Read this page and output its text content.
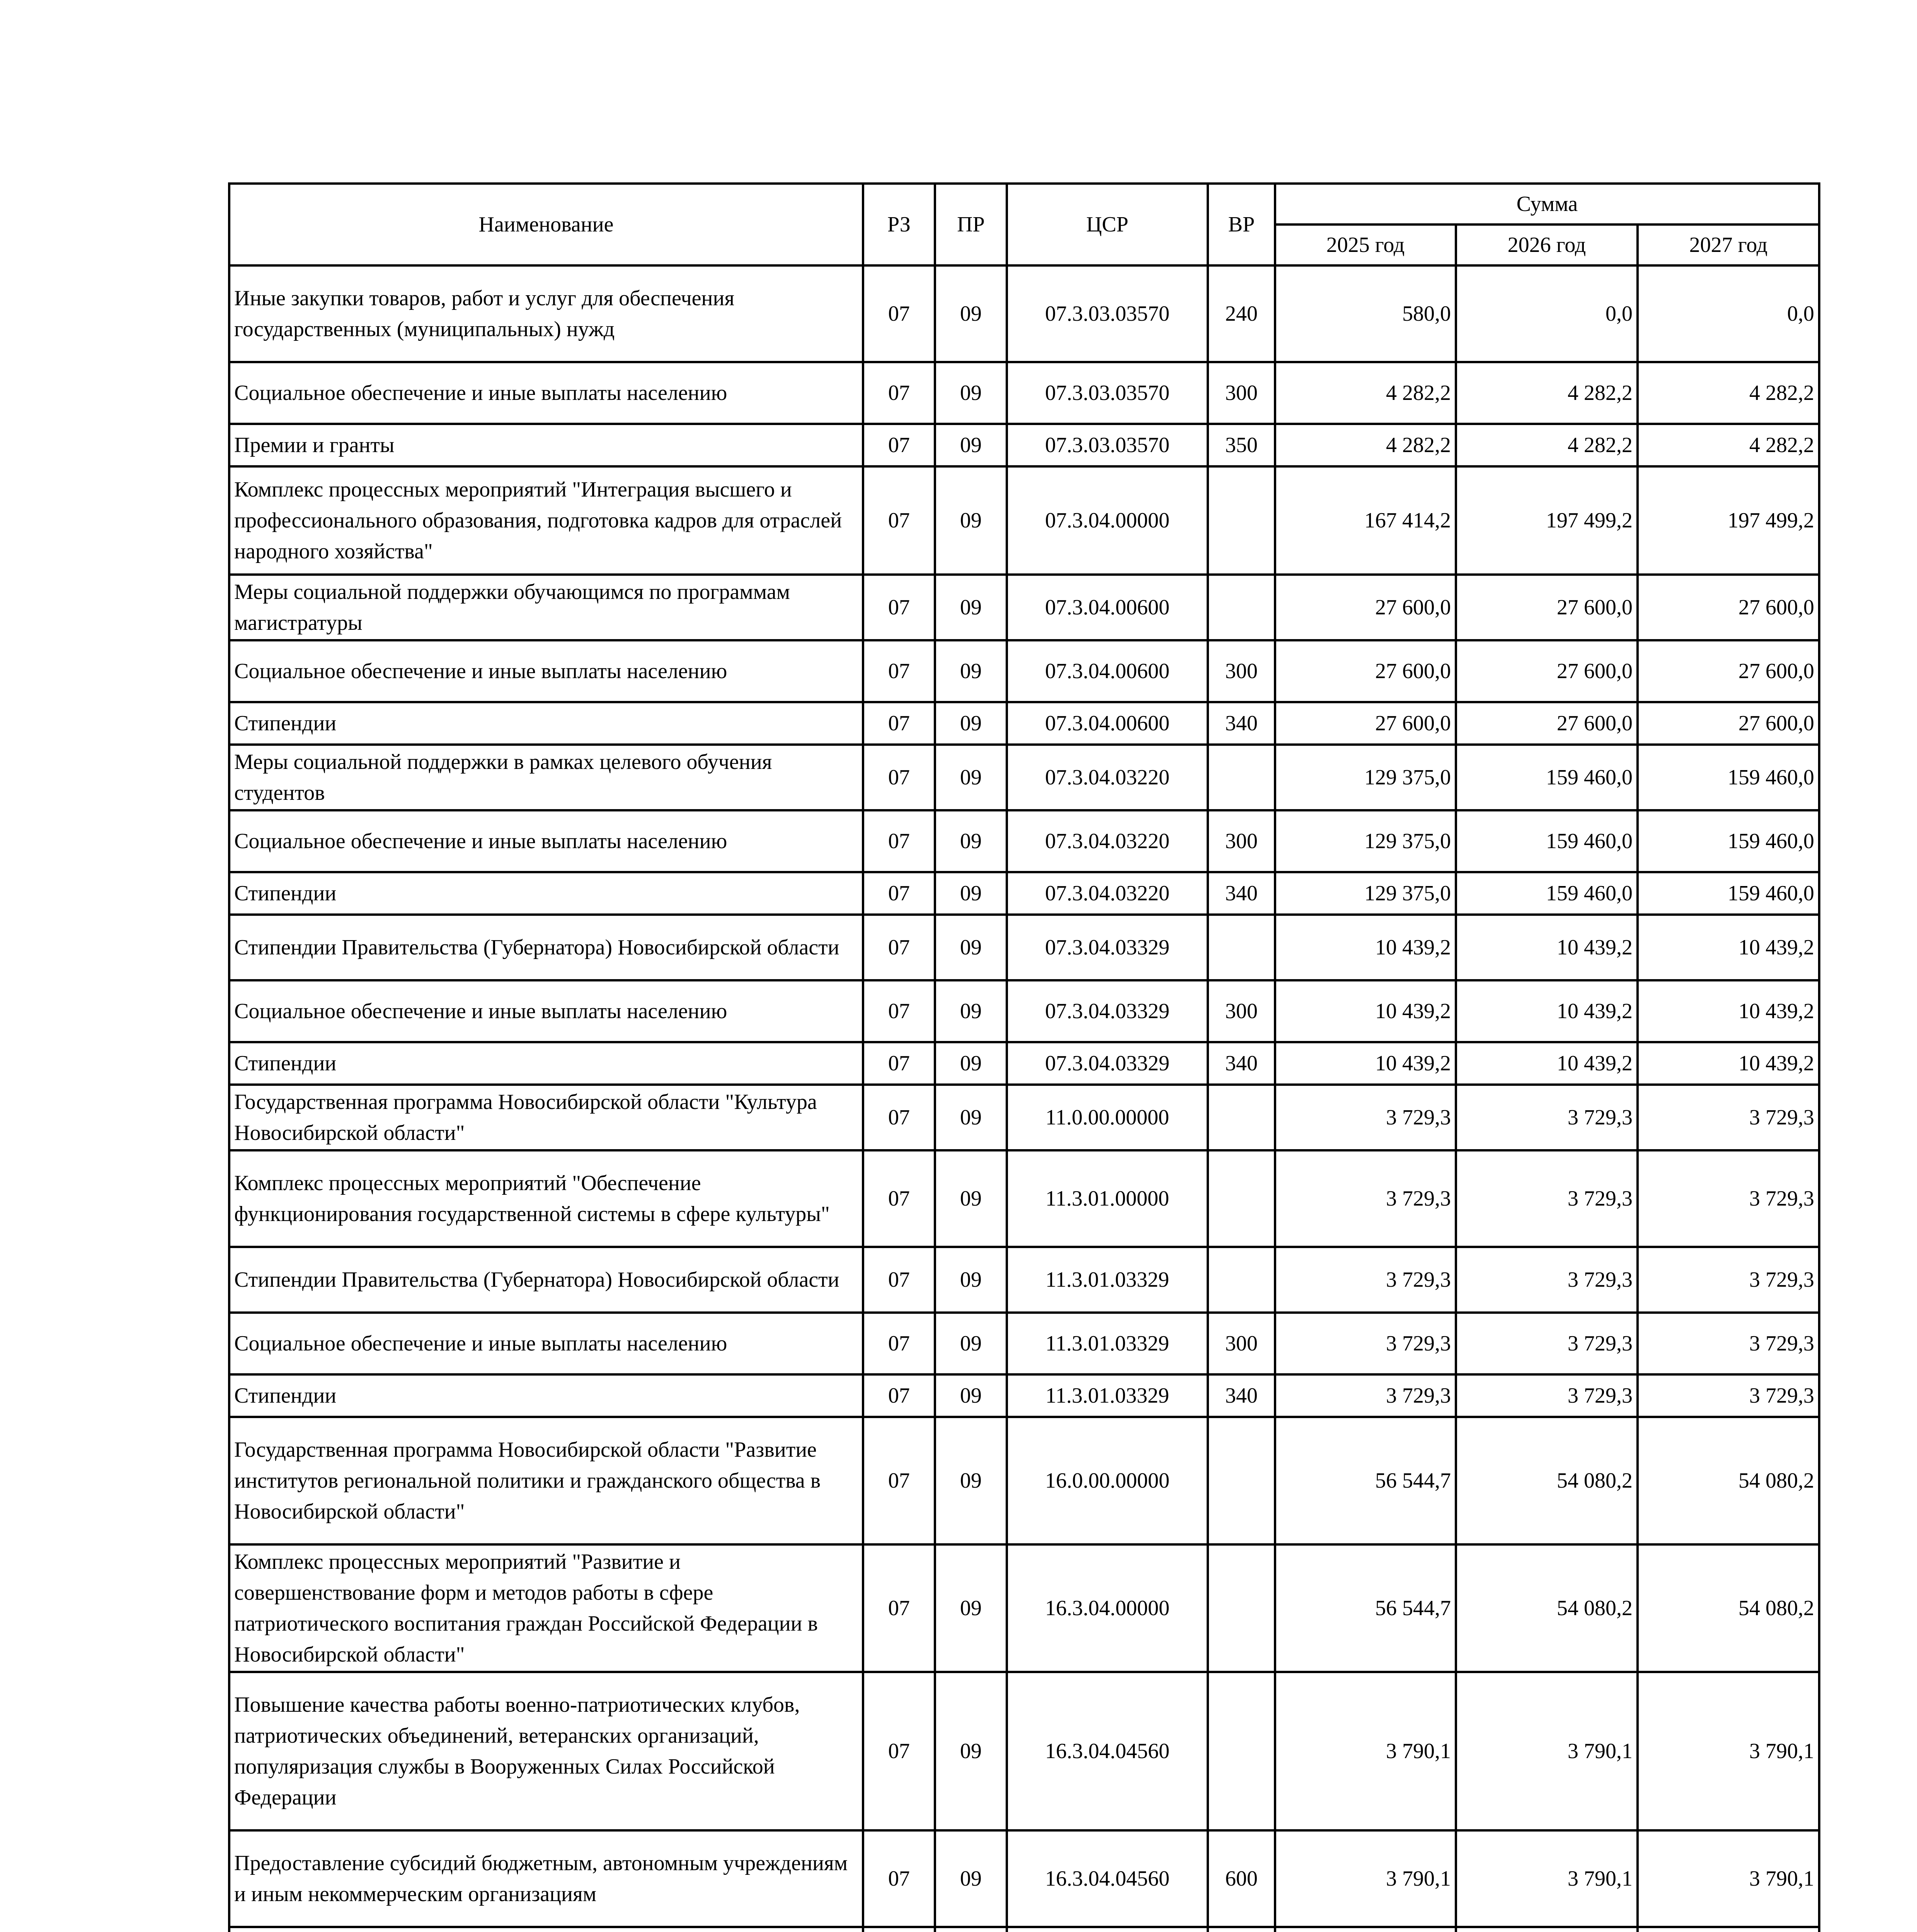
Наименование	РЗ	ПР	ЦСР	ВР	Сумма		
					2025 год	2026 год	2027 год
Иные закупки товаров, работ и услуг для обеспечения государственных (муниципальных) нужд	07	09	07.3.03.03570	240	580,0	0,0	0,0
Социальное обеспечение и иные выплаты населению	07	09	07.3.03.03570	300	4 282,2	4 282,2	4 282,2
Премии и гранты	07	09	07.3.03.03570	350	4 282,2	4 282,2	4 282,2
Комплекс процессных мероприятий "Интеграция высшего и профессионального образования, подготовка кадров для отраслей народного хозяйства"	07	09	07.3.04.00000		167 414,2	197 499,2	197 499,2
Меры социальной поддержки обучающимся по программам магистратуры	07	09	07.3.04.00600		27 600,0	27 600,0	27 600,0
Социальное обеспечение и иные выплаты населению	07	09	07.3.04.00600	300	27 600,0	27 600,0	27 600,0
Стипендии	07	09	07.3.04.00600	340	27 600,0	27 600,0	27 600,0
Меры социальной поддержки в рамках целевого обучения студентов	07	09	07.3.04.03220		129 375,0	159 460,0	159 460,0
Социальное обеспечение и иные выплаты населению	07	09	07.3.04.03220	300	129 375,0	159 460,0	159 460,0
Стипендии	07	09	07.3.04.03220	340	129 375,0	159 460,0	159 460,0
Стипендии Правительства (Губернатора) Новосибирской области	07	09	07.3.04.03329		10 439,2	10 439,2	10 439,2
Социальное обеспечение и иные выплаты населению	07	09	07.3.04.03329	300	10 439,2	10 439,2	10 439,2
Стипендии	07	09	07.3.04.03329	340	10 439,2	10 439,2	10 439,2
Государственная программа Новосибирской области "Культура Новосибирской области"	07	09	11.0.00.00000		3 729,3	3 729,3	3 729,3
Комплекс процессных мероприятий "Обеспечение функционирования государственной системы в сфере культуры"	07	09	11.3.01.00000		3 729,3	3 729,3	3 729,3
Стипендии Правительства (Губернатора) Новосибирской области	07	09	11.3.01.03329		3 729,3	3 729,3	3 729,3
Социальное обеспечение и иные выплаты населению	07	09	11.3.01.03329	300	3 729,3	3 729,3	3 729,3
Стипендии	07	09	11.3.01.03329	340	3 729,3	3 729,3	3 729,3
Государственная программа Новосибирской области "Развитие институтов региональной политики и гражданского общества в Новосибирской области"	07	09	16.0.00.00000		56 544,7	54 080,2	54 080,2
Комплекс процессных мероприятий "Развитие и совершенствование форм и методов работы в сфере патриотического воспитания граждан Российской Федерации в Новосибирской области"	07	09	16.3.04.00000		56 544,7	54 080,2	54 080,2
Повышение качества работы военно-патриотических клубов, патриотических объединений, ветеранских организаций, популяризация службы в Вооруженных Силах Российской Федерации	07	09	16.3.04.04560		3 790,1	3 790,1	3 790,1
Предоставление субсидий бюджетным, автономным учреждениям и иным некоммерческим организациям	07	09	16.3.04.04560	600	3 790,1	3 790,1	3 790,1
